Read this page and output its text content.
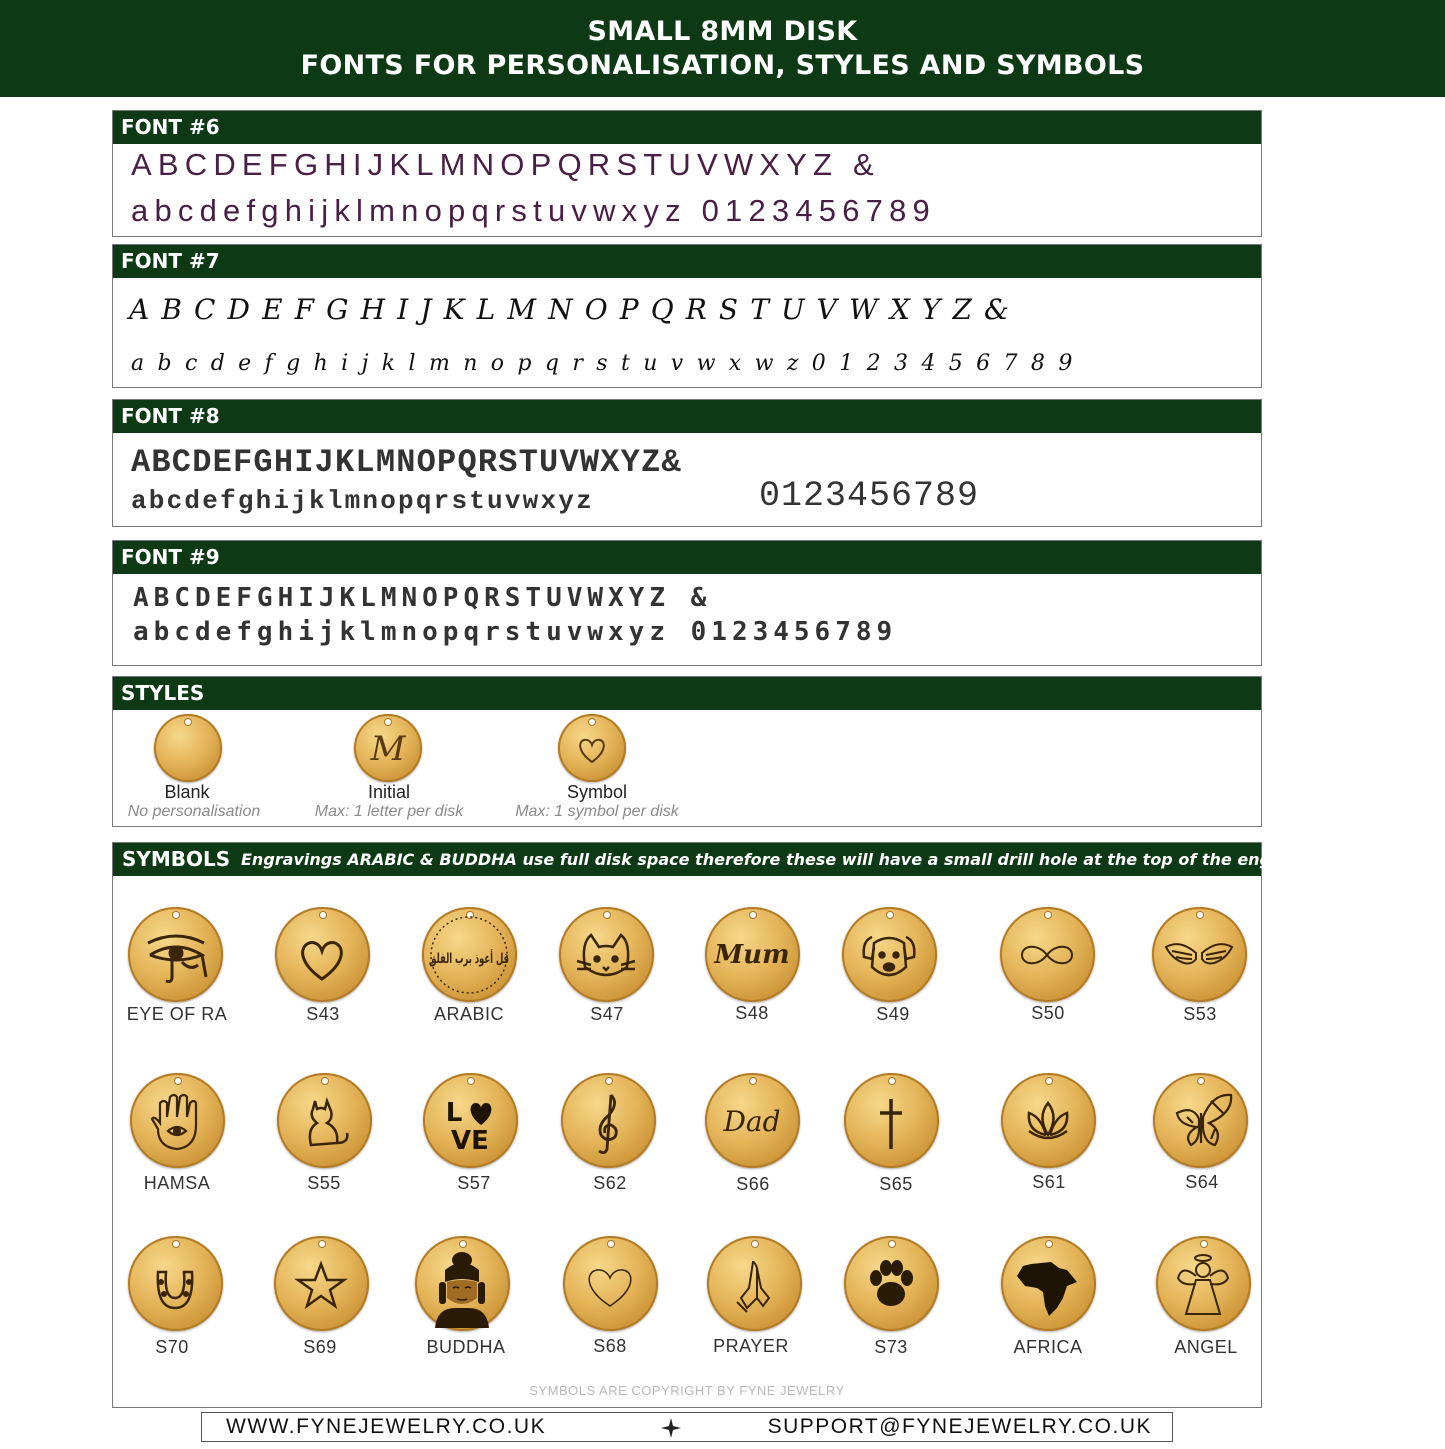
SMALL 8MM DISK
FONTS FOR PERSONALISATION, STYLES AND SYMBOLS
FONT #6
ABCDEFGHIJKLMNOPQRSTUVWXYZ &
abcdefghijklmnopqrstuvwxyz 0123456789
FONT #7
A B C D E F G H I J K L M N O P Q R S T U V W X Y Z &
a b c d e f g h i j k l m n o p q r s t u v w x w z 0 1 2 3 4 5 6 7 8 9
FONT #8
ABCDEFGHIJKLMNOPQRSTUVWXYZ&
abcdefghijklmnopqrstuvwxyz	0123456789
FONT #9
ABCDEFGHIJKLMNOPQRSTUVWXYZ &
abcdefghijklmnopqrstuvwxyz 0123456789
STYLES
Blank
No personalisation
M
Initial
Max: 1 letter per disk
Symbol
Max: 1 symbol per disk
SYMBOLS Engravings ARABIC & BUDDHA use full disk space therefore these will have a small drill hole at the top of the engravings.
قل أعوذ برب الفلق	Mum
EYE OF RA	S43	ARABIC	S47	S48	S49	S50	S53
L
VE
Dad
HAMSA	S55	S57	S62	S66	S65	S61	S64
S70	S69	BUDDHA	S68	PRAYER	S73	AFRICA	ANGEL
SYMBOLS ARE COPYRIGHT BY FYNE JEWELRY
WWW.FYNEJEWELRY.CO.UK	SUPPORT@FYNEJEWELRY.CO.UK
